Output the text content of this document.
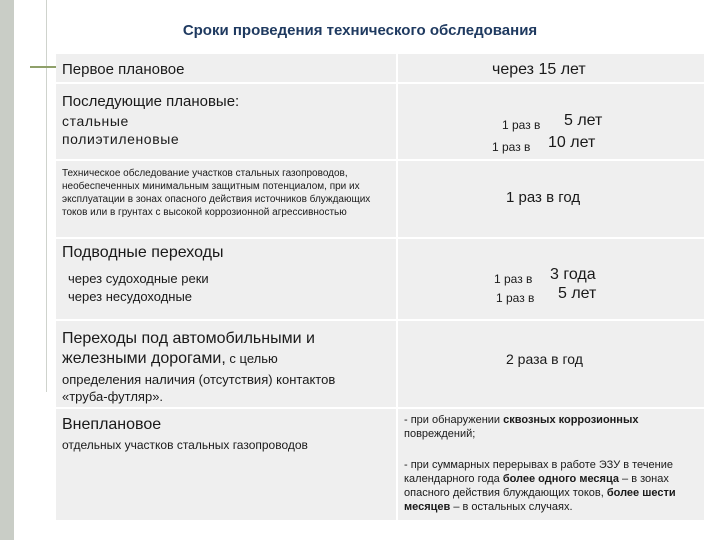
Сроки проведения технического обследования
Первое плановое	через 15 лет
Последующие плановые:
стальные
полиэтиленовые
1 раз в 5 лет
1 раз в 10 лет
Техническое обследование участков стальных газопроводов, необеспеченных минимальным защитным потенциалом, при их эксплуатации в зонах опасного действия источников блуждающих токов или в грунтах с высокой коррозионной агрессивностью
1 раз в год
Подводные переходы
через судоходные реки
через несудоходные
1 раз в 3 года
1 раз в 5 лет
Переходы под автомобильными и
железными дорогами, с целью
определения наличия (отсутствия) контактов
«труба-футляр».
2 раза в год
Внеплановое
отдельных участков стальных газопроводов
- при обнаружении сквозных коррозионных
повреждений;
- при суммарных перерывах в работе ЭЗУ в течение календарного года более одного месяца – в зонах опасного действия блуждающих токов, более шести месяцев – в остальных случаях.
